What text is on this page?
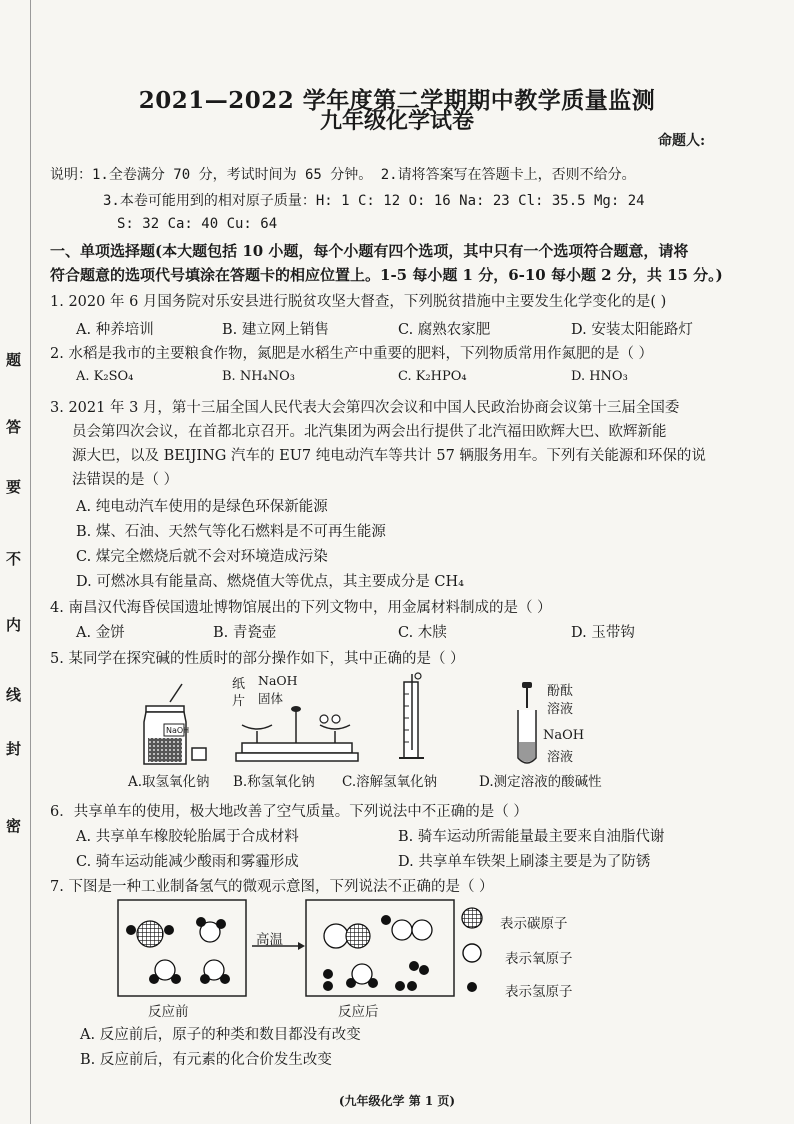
密
封
线
内
不
要
答
题
2021—2022 学年度第二学期期中教学质量监测
九年级化学试卷
命题人:
说明：1.全卷满分 70 分，考试时间为 65 分钟。 2.请将答案写在答题卡上，否则不给分。
3.本卷可能用到的相对原子质量：H: 1 C: 12 O: 16 Na: 23 Cl: 35.5 Mg: 24
S: 32 Ca: 40 Cu: 64
一、单项选择题(本大题包括 10 小题，每个小题有四个选项，其中只有一个选项符合题意，请将
符合题意的选项代号填涂在答题卡的相应位置上。1-5 每小题 1 分，6-10 每小题 2 分，共 15 分。)
1. 2020 年 6 月国务院对乐安县进行脱贫攻坚大督查，下列脱贫措施中主要发生化学变化的是( )
A. 种养培训	B. 建立网上销售	C. 腐熟农家肥	D. 安装太阳能路灯
2. 水稻是我市的主要粮食作物，氮肥是水稻生产中重要的肥料，下列物质常用作氮肥的是（ ）
A. K₂SO₄	B. NH₄NO₃	C. K₂HPO₄	D. HNO₃
3. 2021 年 3 月，第十三届全国人民代表大会第四次会议和中国人民政治协商会议第十三届全国委
员会第四次会议，在首都北京召开。北汽集团为两会出行提供了北汽福田欧辉大巴、欧辉新能
源大巴，以及 BEIJING 汽车的 EU7 纯电动汽车等共计 57 辆服务用车。下列有关能源和环保的说
法错误的是（ ）
A. 纯电动汽车使用的是绿色环保新能源
B. 煤、石油、天然气等化石燃料是不可再生能源
C. 煤完全燃烧后就不会对环境造成污染
D. 可燃冰具有能量高、燃烧值大等优点，其主要成分是 CH₄
4. 南昌汉代海昏侯国遗址博物馆展出的下列文物中，用金属材料制成的是（ ）
A. 金饼	B. 青瓷壶	C. 木牍	D. 玉带钩
5. 某同学在探究碱的性质时的部分操作如下，其中正确的是（ ）
NaOH
纸
片
NaOH
固体	酚酞
溶液
NaOH
溶液
A.取氢氧化钠 B.称氢氧化钠 C.溶解氢氧化钠	D.测定溶液的酸碱性
6．共享单车的使用，极大地改善了空气质量。下列说法中不正确的是（ ）
A. 共享单车橡胶轮胎属于合成材料	B. 骑车运动所需能量最主要来自油脂代谢
C. 骑车运动能减少酸雨和雾霾形成	D. 共享单车铁架上刷漆主要是为了防锈
7. 下图是一种工业制备氢气的微观示意图，下列说法不正确的是（ ）
高温
反应前	反应后
表示碳原子
表示氧原子
表示氢原子
A. 反应前后，原子的种类和数目都没有改变
B. 反应前后，有元素的化合价发生改变
(九年级化学 第 1 页)
